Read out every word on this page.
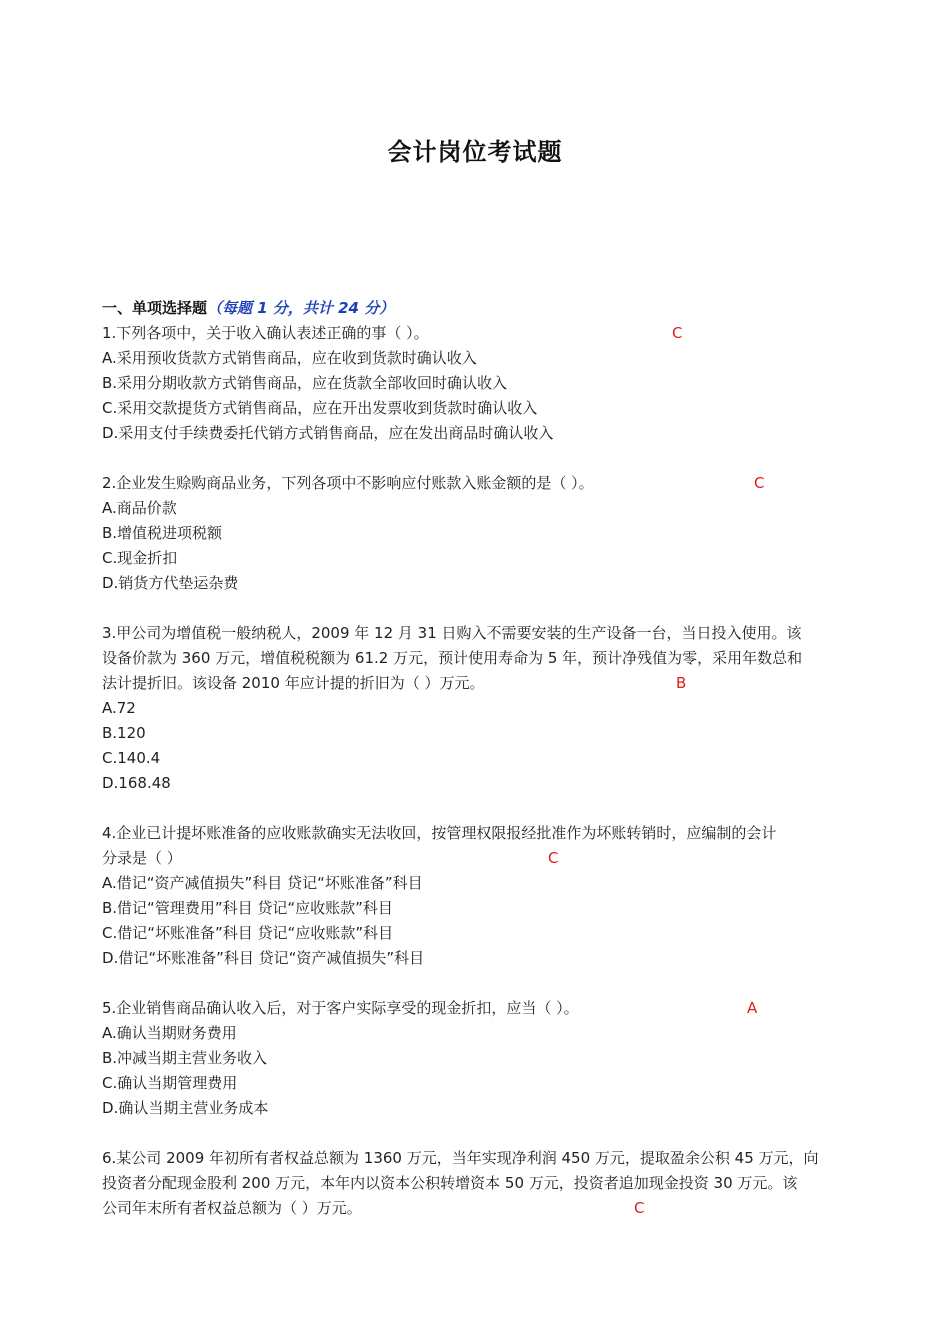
会计岗位考试题
一、单项选择题（每题 1 分，共计 24 分）
1.下列各项中，关于收入确认表述正确的事（ ）。	C
A.采用预收货款方式销售商品，应在收到货款时确认收入
B.采用分期收款方式销售商品，应在货款全部收回时确认收入
C.采用交款提货方式销售商品，应在开出发票收到货款时确认收入
D.采用支付手续费委托代销方式销售商品，应在发出商品时确认收入
2.企业发生赊购商品业务，下列各项中不影响应付账款入账金额的是（ ）。	C
A.商品价款
B.增值税进项税额
C.现金折扣
D.销货方代垫运杂费
3.甲公司为增值税一般纳税人，2009 年 12 月 31 日购入不需要安装的生产设备一台，当日投入使用。该
设备价款为 360 万元，增值税税额为 61.2 万元，预计使用寿命为 5 年，预计净残值为零，采用年数总和
法计提折旧。该设备 2010 年应计提的折旧为（ ）万元。	B
A.72
B.120
C.140.4
D.168.48
4.企业已计提坏账准备的应收账款确实无法收回，按管理权限报经批准作为坏账转销时，应编制的会计
分录是（ ）	C
A.借记“资产减值损失”科目 贷记“坏账准备”科目
B.借记“管理费用”科目 贷记“应收账款”科目
C.借记“坏账准备”科目 贷记“应收账款”科目
D.借记“坏账准备”科目 贷记“资产减值损失”科目
5.企业销售商品确认收入后，对于客户实际享受的现金折扣，应当（ ）。	A
A.确认当期财务费用
B.冲减当期主营业务收入
C.确认当期管理费用
D.确认当期主营业务成本
6.某公司 2009 年初所有者权益总额为 1360 万元，当年实现净利润 450 万元，提取盈余公积 45 万元，向
投资者分配现金股利 200 万元，本年内以资本公积转增资本 50 万元，投资者追加现金投资 30 万元。该
公司年末所有者权益总额为（ ）万元。	C
